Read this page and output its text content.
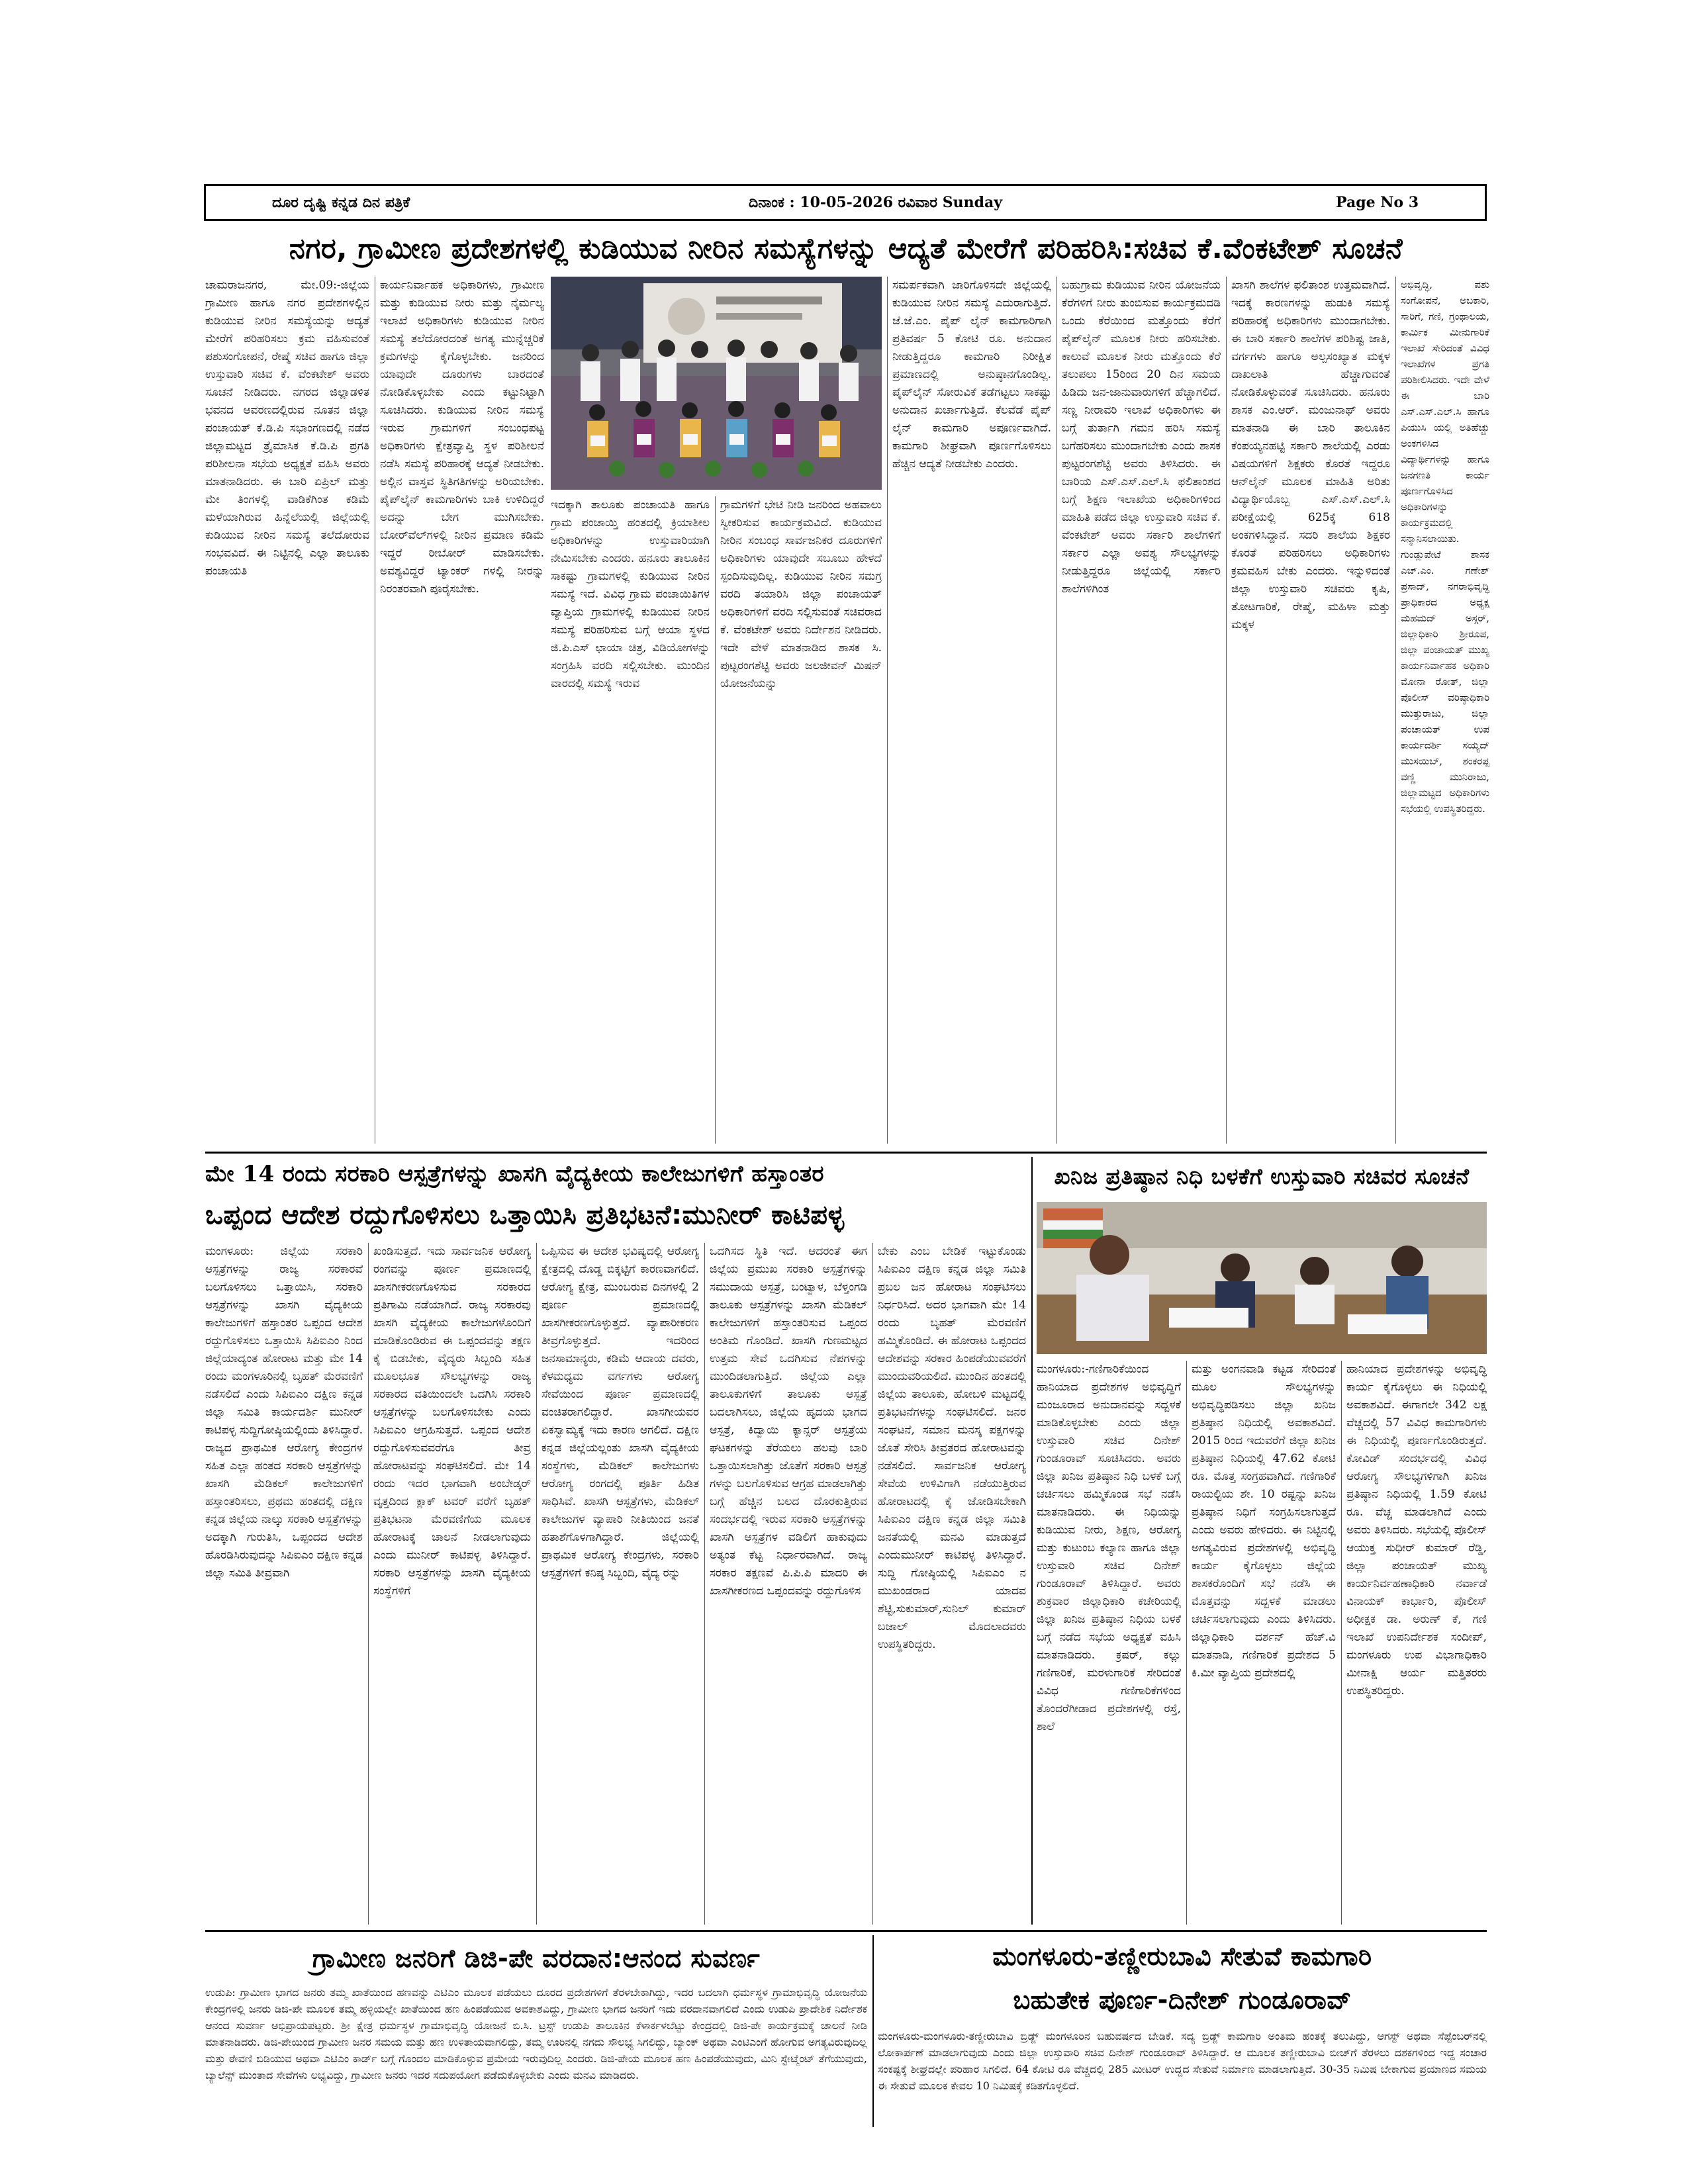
ದೂರ ದೃಷ್ಟಿ ಕನ್ನಡ ದಿನ ಪತ್ರಿಕೆ	ದಿನಾಂಕ : 10-05-2026 ರವಿವಾರ Sunday	Page No 3
ನಗರ, ಗ್ರಾಮೀಣ ಪ್ರದೇಶಗಳಲ್ಲಿ ಕುಡಿಯುವ ನೀರಿನ ಸಮಸ್ಯೆಗಳನ್ನು ಆದ್ಯತೆ ಮೇರೆಗೆ ಪರಿಹರಿಸಿ:ಸಚಿವ ಕೆ.ವೆಂಕಟೇಶ್ ಸೂಚನೆ

ಚಾಮರಾಜನಗರ, ಮೇ.09:-ಜಿಲ್ಲೆಯ ಗ್ರಾಮೀಣ ಹಾಗೂ ನಗರ ಪ್ರದೇಶಗಳಲ್ಲಿನ ಕುಡಿಯುವ ನೀರಿನ ಸಮಸ್ಯೆಯನ್ನು ಆದ್ಯತೆ ಮೇರೆಗೆ ಪರಿಹರಿಸಲು ಕ್ರಮ ವಹಿಸುವಂತೆ ಪಶುಸಂಗೋಪನೆ, ರೇಷ್ಮೆ ಸಚಿವ ಹಾಗೂ ಜಿಲ್ಲಾ ಉಸ್ತುವಾರಿ ಸಚಿವ ಕೆ. ವೆಂಕಟೇಶ್ ಅವರು ಸೂಚನೆ ನೀಡಿದರು. ನಗರದ ಜಿಲ್ಲಾಡಳಿತ ಭವನದ ಆವರಣದಲ್ಲಿರುವ ನೂತನ ಜಿಲ್ಲಾ ಪಂಚಾಯತ್ ಕೆ.ಡಿ.ಪಿ ಸಭಾಂಗಣದಲ್ಲಿ ನಡೆದ ಜಿಲ್ಲಾಮಟ್ಟದ ತ್ರೈಮಾಸಿಕ ಕೆ.ಡಿ.ಪಿ ಪ್ರಗತಿ ಪರಿಶೀಲನಾ ಸಭೆಯ ಅಧ್ಯಕ್ಷತೆ ವಹಿಸಿ ಅವರು ಮಾತನಾಡಿದರು. ಈ ಬಾರಿ ಏಪ್ರಿಲ್ ಮತ್ತು ಮೇ ತಿಂಗಳಲ್ಲಿ ವಾಡಿಕೆಗಿಂತ ಕಡಿಮೆ ಮಳೆಯಾಗಿರುವ ಹಿನ್ನೆಲೆಯಲ್ಲಿ ಜಿಲ್ಲೆಯಲ್ಲಿ ಕುಡಿಯುವ ನೀರಿನ ಸಮಸ್ಯೆ ತಲೆದೋರುವ ಸಂಭವವಿದೆ. ಈ ನಿಟ್ಟಿನಲ್ಲಿ ಎಲ್ಲಾ ತಾಲೂಕು ಪಂಚಾಯತಿ

ಕಾರ್ಯನಿರ್ವಾಹಕ ಅಧಿಕಾರಿಗಳು, ಗ್ರಾಮೀಣ ಮತ್ತು ಕುಡಿಯುವ ನೀರು ಮತ್ತು ನೈರ್ಮಲ್ಯ ಇಲಾಖೆ ಅಧಿಕಾರಿಗಳು ಕುಡಿಯುವ ನೀರಿನ ಸಮಸ್ಯೆ ತಲೆದೋರದಂತೆ ಅಗತ್ಯ ಮುನ್ನೆಚ್ಚರಿಕೆ ಕ್ರಮಗಳನ್ನು ಕೈಗೊಳ್ಳಬೇಕು. ಜನರಿಂದ ಯಾವುದೇ ದೂರುಗಳು ಬಾರದಂತೆ ನೋಡಿಕೊಳ್ಳಬೇಕು ಎಂದು ಕಟ್ಟುನಿಟ್ಟಾಗಿ ಸೂಚಿಸಿದರು. ಕುಡಿಯುವ ನೀರಿನ ಸಮಸ್ಯೆ ಇರುವ ಗ್ರಾಮಗಳಿಗೆ ಸಂಬಂಧಪಟ್ಟ ಅಧಿಕಾರಿಗಳು ಕ್ಷೇತ್ರವ್ಯಾಪ್ತಿ ಸ್ಥಳ ಪರಿಶೀಲನೆ ನಡೆಸಿ ಸಮಸ್ಯೆ ಪರಿಹಾರಕ್ಕೆ ಆದ್ಯತೆ ನೀಡಬೇಕು. ಅಲ್ಲಿನ ವಾಸ್ತವ ಸ್ಥಿತಿಗತಿಗಳನ್ನು ಅರಿಯಬೇಕು. ಪೈಪ್‌ಲೈನ್ ಕಾಮಗಾರಿಗಳು ಬಾಕಿ ಉಳಿದಿದ್ದರೆ ಅದನ್ನು ಬೇಗ ಮುಗಿಸಬೇಕು. ಬೋರ್‌ವೆಲ್‌ಗಳಲ್ಲಿ ನೀರಿನ ಪ್ರಮಾಣ ಕಡಿಮೆ ಇದ್ದರೆ ರೀಬೋರ್ ಮಾಡಿಸಬೇಕು. ಅವಶ್ಯವಿದ್ದರೆ ಟ್ಯಾಂಕರ್ ಗಳಲ್ಲಿ ನೀರನ್ನು ನಿರಂತರವಾಗಿ ಪೂರೈಸಬೇಕು.

ಇದಕ್ಕಾಗಿ ತಾಲೂಕು ಪಂಚಾಯತಿ ಹಾಗೂ ಗ್ರಾಮ ಪಂಚಾಯ್ತಿ ಹಂತದಲ್ಲಿ ಕ್ರಿಯಾಶೀಲ ಅಧಿಕಾರಿಗಳನ್ನು ಉಸ್ತುವಾರಿಯಾಗಿ ನೇಮಿಸಬೇಕು ಎಂದರು. ಹನೂರು ತಾಲೂಕಿನ ಸಾಕಷ್ಟು ಗ್ರಾಮಗಳಲ್ಲಿ ಕುಡಿಯುವ ನೀರಿನ ಸಮಸ್ಯೆ ಇದೆ. ವಿವಿಧ ಗ್ರಾಮ ಪಂಚಾಯಿತಿಗಳ ವ್ಯಾಪ್ತಿಯ ಗ್ರಾಮಗಳಲ್ಲಿ ಕುಡಿಯುವ ನೀರಿನ ಸಮಸ್ಯೆ ಪರಿಹರಿಸುವ ಬಗ್ಗೆ ಆಯಾ ಸ್ಥಳದ ಜಿ.ಪಿ.ಎಸ್ ಛಾಯಾ ಚಿತ್ರ, ವಿಡಿಯೋಗಳನ್ನು ಸಂಗ್ರಹಿಸಿ ವರದಿ ಸಲ್ಲಿಸಬೇಕು. ಮುಂದಿನ ವಾರದಲ್ಲಿ ಸಮಸ್ಯೆ ಇರುವ

ಗ್ರಾಮಗಳಿಗೆ ಭೇಟಿ ನೀಡಿ ಜನರಿಂದ ಅಹವಾಲು ಸ್ವೀಕರಿಸುವ ಕಾರ್ಯಕ್ರಮವಿದೆ. ಕುಡಿಯುವ ನೀರಿನ ಸಂಬಂಧ ಸಾರ್ವಜನಿಕರ ದೂರುಗಳಿಗೆ ಅಧಿಕಾರಿಗಳು ಯಾವುದೇ ಸಬೂಬು ಹೇಳದೆ ಸ್ಪಂದಿಸುವುದಿಲ್ಲ. ಕುಡಿಯುವ ನೀರಿನ ಸಮಗ್ರ ವರದಿ ತಯಾರಿಸಿ ಜಿಲ್ಲಾ ಪಂಚಾಯತ್ ಅಧಿಕಾರಿಗಳಿಗೆ ವರದಿ ಸಲ್ಲಿಸುವಂತೆ ಸಚಿವರಾದ ಕೆ. ವೆಂಕಟೇಶ್ ಅವರು ನಿರ್ದೇಶನ ನೀಡಿದರು. ಇದೇ ವೇಳೆ ಮಾತನಾಡಿದ ಶಾಸಕ ಸಿ. ಪುಟ್ಟರಂಗಶೆಟ್ಟಿ ಅವರು ಜಲಜೀವನ್ ಮಿಷನ್ ಯೋಜನೆಯನ್ನು

ಸಮರ್ಪಕವಾಗಿ ಜಾರಿಗೊಳಿಸದೇ ಜಿಲ್ಲೆಯಲ್ಲಿ ಕುಡಿಯುವ ನೀರಿನ ಸಮಸ್ಯೆ ಎದುರಾಗುತ್ತಿದೆ. ಜೆ.ಜೆ.ಎಂ. ಪೈಪ್ ಲೈನ್ ಕಾಮಗಾರಿಗಾಗಿ ಪ್ರತಿವರ್ಷ 5 ಕೋಟಿ ರೂ. ಅನುದಾನ ನೀಡುತ್ತಿದ್ದರೂ ಕಾಮಗಾರಿ ನಿರೀಕ್ಷಿತ ಪ್ರಮಾಣದಲ್ಲಿ ಅನುಷ್ಠಾನಗೊಂಡಿಲ್ಲ. ಪೈಪ್‌ಲೈನ್ ಸೋರುವಿಕೆ ತಡೆಗಟ್ಟಲು ಸಾಕಷ್ಟು ಅನುದಾನ ಖರ್ಚಾಗುತ್ತಿದೆ. ಕೆಲವೆಡೆ ಪೈಪ್ ಲೈನ್ ಕಾಮಗಾರಿ ಅಪೂರ್ಣವಾಗಿದೆ. ಕಾಮಗಾರಿ ಶೀಘ್ರವಾಗಿ ಪೂರ್ಣಗೊಳಿಸಲು ಹೆಚ್ಚಿನ ಆದ್ಯತೆ ನೀಡಬೇಕು ಎಂದರು.

ಬಹುಗ್ರಾಮ ಕುಡಿಯುವ ನೀರಿನ ಯೋಜನೆಯ ಕೆರೆಗಳಿಗೆ ನೀರು ತುಂಬಿಸುವ ಕಾರ್ಯಕ್ರಮದಡಿ ಒಂದು ಕೆರೆಯಿಂದ ಮತ್ತೊಂದು ಕೆರೆಗೆ ಪೈಪ್‌ಲೈನ್ ಮೂಲಕ ನೀರು ಹರಿಸಬೇಕು. ಕಾಲುವೆ ಮೂಲಕ ನೀರು ಮತ್ತೊಂದು ಕೆರೆ ತಲುಪಲು 15ರಿಂದ 20 ದಿನ ಸಮಯ ಹಿಡಿದು ಜನ-ಜಾನುವಾರುಗಳಿಗೆ ಹೆಚ್ಚಾಗಲಿದೆ. ಸಣ್ಣ ನೀರಾವರಿ ಇಲಾಖೆ ಅಧಿಕಾರಿಗಳು ಈ ಬಗ್ಗೆ ತುರ್ತಾಗಿ ಗಮನ ಹರಿಸಿ ಸಮಸ್ಯೆ ಬಗೆಹರಿಸಲು ಮುಂದಾಗಬೇಕು ಎಂದು ಶಾಸಕ ಪುಟ್ಟರಂಗಶೆಟ್ಟಿ ಅವರು ತಿಳಿಸಿದರು. ಈ ಬಾರಿಯ ಎಸ್.ಎಸ್.ಎಲ್.ಸಿ ಫಲಿತಾಂಶದ ಬಗ್ಗೆ ಶಿಕ್ಷಣ ಇಲಾಖೆಯ ಅಧಿಕಾರಿಗಳಿಂದ ಮಾಹಿತಿ ಪಡೆದ ಜಿಲ್ಲಾ ಉಸ್ತುವಾರಿ ಸಚಿವ ಕೆ. ವೆಂಕಟೇಶ್ ಅವರು ಸರ್ಕಾರಿ ಶಾಲೆಗಳಿಗೆ ಸರ್ಕಾರ ಎಲ್ಲಾ ಅವಶ್ಯ ಸೌಲಭ್ಯಗಳನ್ನು ನೀಡುತ್ತಿದ್ದರೂ ಜಿಲ್ಲೆಯಲ್ಲಿ ಸರ್ಕಾರಿ ಶಾಲೆಗಳಿಗಿಂತ

ಖಾಸಗಿ ಶಾಲೆಗಳ ಫಲಿತಾಂಶ ಉತ್ತಮವಾಗಿದೆ. ಇದಕ್ಕೆ ಕಾರಣಗಳನ್ನು ಹುಡುಕಿ ಸಮಸ್ಯೆ ಪರಿಹಾರಕ್ಕೆ ಅಧಿಕಾರಿಗಳು ಮುಂದಾಗಬೇಕು. ಈ ಬಾರಿ ಸರ್ಕಾರಿ ಶಾಲೆಗಳ ಪರಿಶಿಷ್ಟ ಜಾತಿ, ವರ್ಗಗಳು ಹಾಗೂ ಅಲ್ಪಸಂಖ್ಯಾತ ಮಕ್ಕಳ ದಾಖಲಾತಿ ಹೆಚ್ಚಾಗುವಂತೆ ನೋಡಿಕೊಳ್ಳುವಂತೆ ಸೂಚಿಸಿದರು. ಹನೂರು ಶಾಸಕ ಎಂ.ಆರ್. ಮಂಜುನಾಥ್ ಅವರು ಮಾತನಾಡಿ ಈ ಬಾರಿ ತಾಲೂಕಿನ ಕೆಂಪಯ್ಯನಹಟ್ಟಿ ಸರ್ಕಾರಿ ಶಾಲೆಯಲ್ಲಿ ಎರಡು ವಿಷಯಗಳಿಗೆ ಶಿಕ್ಷಕರು ಕೊರತೆ ಇದ್ದರೂ ಆನ್‌ಲೈನ್ ಮೂಲಕ ಮಾಹಿತಿ ಅರಿತು ವಿದ್ಯಾರ್ಥಿಯೊಬ್ಬ ಎಸ್.ಎಸ್.ಎಲ್.ಸಿ ಪರೀಕ್ಷೆಯಲ್ಲಿ 625ಕ್ಕೆ 618 ಅಂಕಗಳಿಸಿದ್ದಾನೆ. ಸದರಿ ಶಾಲೆಯ ಶಿಕ್ಷಕರ ಕೊರತೆ ಪರಿಹರಿಸಲು ಅಧಿಕಾರಿಗಳು ಕ್ರಮವಹಿಸ ಬೇಕು ಎಂದರು. ಇನ್ನುಳಿದಂತೆ ಜಿಲ್ಲಾ ಉಸ್ತುವಾರಿ ಸಚಿವರು ಕೃಷಿ, ತೋಟಗಾರಿಕೆ, ರೇಷ್ಮೆ, ಮಹಿಳಾ ಮತ್ತು ಮಕ್ಕಳ

ಅಭಿವೃದ್ಧಿ, ಪಶು ಸಂಗೋಪನೆ, ಅಬಕಾರಿ, ಸಾರಿಗೆ, ಗಣಿ, ಗ್ರಂಥಾಲಯ, ಕಾರ್ಮಿಕ ಮೀನುಗಾರಿಕೆ ಇಲಾಖೆ ಸೇರಿದಂತೆ ವಿವಿಧ ಇಲಾಖೆಗಳ ಪ್ರಗತಿ ಪರಿಶೀಲಿಸಿದರು. ಇದೇ ವೇಳೆ ಈ ಬಾರಿ ಎಸ್.ಎಸ್.ಎಲ್.ಸಿ ಹಾಗೂ ಪಿಯುಸಿ ಯಲ್ಲಿ ಅತಿಹೆಚ್ಚು ಅಂಕಗಳಿಸಿದ ವಿದ್ಯಾರ್ಥಿಗಳನ್ನು ಹಾಗೂ ಜನಗಣತಿ ಕಾರ್ಯ ಪೂರ್ಣಗೊಳಿಸಿದ ಅಧಿಕಾರಿಗಳನ್ನು ಕಾರ್ಯಕ್ರಮದಲ್ಲಿ ಸನ್ಮಾನಿಸಲಾಯಿತು. ಗುಂಡ್ಲುಪೇಟೆ ಶಾಸಕ ಎಚ್.ಎಂ. ಗಣೇಶ್ ಪ್ರಸಾದ್, ನಗರಾಭಿವೃದ್ಧಿ ಪ್ರಾಧಿಕಾರದ ಅಧ್ಯಕ್ಷ ಮಹಮದ್ ಅಸ್ಗರ್, ಜಿಲ್ಲಾಧಿಕಾರಿ ಶ್ರೀರೂಪ, ಜಿಲ್ಲಾ ಪಂಚಾಯತ್ ಮುಖ್ಯ ಕಾರ್ಯನಿರ್ವಾಹಕ ಅಧಿಕಾರಿ ಮೋನಾ ರೋತ್, ಜಿಲ್ಲಾ ಪೊಲೀಸ್ ವರಿಷ್ಠಾಧಿಕಾರಿ ಮುತ್ತುರಾಜು, ಜಿಲ್ಲಾ ಪಂಚಾಯತ್ ಉಪ ಕಾರ್ಯದರ್ಶಿ ಸಯ್ಯದ್ ಮುಸಯಿಬ್, ಶಂಕರಪ್ಪ ವಣ್ಣಿ ಮುನಿರಾಜು, ಜಿಲ್ಲಾಮಟ್ಟದ ಅಧಿಕಾರಿಗಳು ಸಭೆಯಲ್ಲಿ ಉಪಸ್ಥಿತರಿದ್ದರು.

ಮೇ 14 ರಂದು ಸರಕಾರಿ ಆಸ್ಪತ್ರೆಗಳನ್ನು ಖಾಸಗಿ ವೈದ್ಯಕೀಯ ಕಾಲೇಜುಗಳಿಗೆ ಹಸ್ತಾಂತರ
ಒಪ್ಪಂದ ಆದೇಶ ರದ್ದುಗೊಳಿಸಲು ಒತ್ತಾಯಿಸಿ ಪ್ರತಿಭಟನೆ:ಮುನೀರ್ ಕಾಟಿಪಳ್ಳ

ಮಂಗಳೂರು: ಜಿಲ್ಲೆಯ ಸರಕಾರಿ ಆಸ್ಪತ್ರೆಗಳನ್ನು ರಾಜ್ಯ ಸರಕಾರವೆ ಬಲಗೊಳಿಸಲು ಒತ್ತಾಯಿಸಿ, ಸರಕಾರಿ ಆಸ್ಪತ್ರೆಗಳನ್ನು ಖಾಸಗಿ ವೈದ್ಯಕೀಯ ಕಾಲೇಜುಗಳಿಗೆ ಹಸ್ತಾಂತರ ಒಪ್ಪಂದ ಆದೇಶ ರದ್ದುಗೊಳಿಸಲು ಒತ್ತಾಯಿಸಿ ಸಿಪಿಐಎಂ ನಿಂದ ಜಿಲ್ಲೆಯಾದ್ಯಂತ ಹೋರಾಟ ಮತ್ತು ಮೇ 14 ರಂದು ಮಂಗಳೂರಿನಲ್ಲಿ ಬೃಹತ್ ಮೆರವಣಿಗೆ ನಡೆಸಲಿದೆ ಎಂದು ಸಿಪಿಐಎಂ ದಕ್ಷಿಣ ಕನ್ನಡ ಜಿಲ್ಲಾ ಸಮಿತಿ ಕಾರ್ಯದರ್ಶಿ ಮುನೀರ್ ಕಾಟಿಪಳ್ಳ ಸುದ್ದಿಗೋಷ್ಠಿಯಲ್ಲಿಂದು ತಿಳಿಸಿದ್ದಾರೆ. ರಾಜ್ಯದ ಪ್ರಾಥಮಿಕ ಆರೋಗ್ಯ ಕೇಂದ್ರಗಳ ಸಹಿತ ಎಲ್ಲಾ ಹಂತದ ಸರಕಾರಿ ಆಸ್ಪತ್ರೆಗಳನ್ನು ಖಾಸಗಿ ಮೆಡಿಕಲ್ ಕಾಲೇಜುಗಳಿಗೆ ಹಸ್ತಾಂತರಿಸಲು, ಪ್ರಥಮ ಹಂತದಲ್ಲಿ ದಕ್ಷಿಣ ಕನ್ನಡ ಜಿಲ್ಲೆಯ ನಾಲ್ಕು ಸರಕಾರಿ ಆಸ್ಪತ್ರೆಗಳನ್ನು ಅದಕ್ಕಾಗಿ ಗುರುತಿಸಿ, ಒಪ್ಪಂದದ ಆದೇಶ ಹೊರಡಿಸಿರುವುದನ್ನು ಸಿಪಿಐಎಂ ದಕ್ಷಿಣ ಕನ್ನಡ ಜಿಲ್ಲಾ ಸಮಿತಿ ತೀವ್ರವಾಗಿ

ಖಂಡಿಸುತ್ತದೆ. ಇದು ಸಾರ್ವಜನಿಕ ಆರೋಗ್ಯ ರಂಗವನ್ನು ಪೂರ್ಣ ಪ್ರಮಾಣದಲ್ಲಿ ಖಾಸಗೀಕರಣಗೊಳಿಸುವ ಸರಕಾರದ ಪ್ರತಿಗಾಮಿ ನಡೆಯಾಗಿದೆ. ರಾಜ್ಯ ಸರಕಾರವು ಖಾಸಗಿ ವೈದ್ಯಕೀಯ ಕಾಲೇಜುಗಳೊಂದಿಗೆ ಮಾಡಿಕೊಂಡಿರುವ ಈ ಒಪ್ಪಂದವನ್ನು ತಕ್ಷಣ ಕೈ ಬಿಡಬೇಕು, ವೈದ್ಯರು ಸಿಬ್ಬಂದಿ ಸಹಿತ ಮೂಲಭೂತ ಸೌಲಭ್ಯಗಳನ್ನು ರಾಜ್ಯ ಸರಕಾರದ ವತಿಯಿಂದಲೇ ಒದಗಿಸಿ ಸರಕಾರಿ ಆಸ್ಪತ್ರೆಗಳನ್ನು ಬಲಗೊಳಿಸಬೇಕು ಎಂದು ಸಿಪಿಐಎಂ ಆಗ್ರಹಿಸುತ್ತದೆ. ಒಪ್ಪಂದ ಆದೇಶ ರದ್ದುಗೊಳಿಸುವವರೆಗೂ ತೀವ್ರ ಹೋರಾಟವನ್ನು ಸಂಘಟಿಸಲಿದೆ. ಮೇ 14 ರಂದು ಇದರ ಭಾಗವಾಗಿ ಅಂಬೇಡ್ಕರ್ ವೃತ್ತದಿಂದ ಕ್ಲಾಕ್ ಟವರ್ ವರೆಗೆ ಬೃಹತ್ ಪ್ರತಿಭಟನಾ ಮೆರವಣಿಗೆಯ ಮೂಲಕ ಹೋರಾಟಕ್ಕೆ ಚಾಲನೆ ನೀಡಲಾಗುವುದು ಎಂದು ಮುನೀರ್ ಕಾಟಿಪಳ್ಳ ತಿಳಿಸಿದ್ದಾರೆ. ಸರಕಾರಿ ಆಸ್ಪತ್ರೆಗಳನ್ನು ಖಾಸಗಿ ವೈದ್ಯಕೀಯ ಸಂಸ್ಥೆಗಳಿಗೆ

ಒಪ್ಪಿಸುವ ಈ ಆದೇಶ ಭವಿಷ್ಯದಲ್ಲಿ ಆರೋಗ್ಯ ಕ್ಷೇತ್ರದಲ್ಲಿ ದೊಡ್ಡ ಬಿಕ್ಕಟ್ಟಿಗೆ ಕಾರಣವಾಗಲಿದೆ. ಆರೋಗ್ಯ ಕ್ಷೇತ್ರ, ಮುಂಬರುವ ದಿನಗಳಲ್ಲಿ 2 ಪೂರ್ಣ ಪ್ರಮಾಣದಲ್ಲಿ ಖಾಸಗೀಕರಣಗೊಳ್ಳುತ್ತದೆ. ವ್ಯಾಪಾರೀಕರಣ ತೀವ್ರಗೊಳ್ಳುತ್ತದೆ. ಇದರಿಂದ ಜನಸಾಮಾನ್ಯರು, ಕಡಿಮೆ ಆದಾಯ ದವರು, ಕೆಳಮಧ್ಯಮ ವರ್ಗಗಳು ಆರೋಗ್ಯ ಸೇವೆಯಿಂದ ಪೂರ್ಣ ಪ್ರಮಾಣದಲ್ಲಿ ವಂಚಿತರಾಗಲಿದ್ದಾರೆ. ಖಾಸಗೀಯವರ ಏಕಸ್ವಾಮ್ಯಕ್ಕೆ ಇದು ಕಾರಣ ಆಗಲಿದೆ. ದಕ್ಷಿಣ ಕನ್ನಡ ಜಿಲ್ಲೆಯಲ್ಲಂತು ಖಾಸಗಿ ವೈದ್ಯಕೀಯ ಸಂಸ್ಥೆಗಳು, ಮೆಡಿಕಲ್ ಕಾಲೇಜುಗಳು ಆರೋಗ್ಯ ರಂಗದಲ್ಲಿ ಪೂರ್ತಿ ಹಿಡಿತ ಸಾಧಿಸಿವೆ. ಖಾಸಗಿ ಆಸ್ಪತ್ರೆಗಳು, ಮೆಡಿಕಲ್ ಕಾಲೇಜುಗಳ ವ್ಯಾಪಾರಿ ನೀತಿಯಿಂದ ಜನತೆ ಹತಾಶೆಗೊಳಗಾಗಿದ್ದಾರೆ. ಜಿಲ್ಲೆಯಲ್ಲಿ ಪ್ರಾಥಮಿಕ ಆರೋಗ್ಯ ಕೇಂದ್ರಗಳು, ಸರಕಾರಿ ಆಸ್ಪತ್ರೆಗಳಿಗೆ ಕನಿಷ್ಠ ಸಿಬ್ಬಂದಿ, ವೈದ್ಯ ರನ್ನು

ಒದಗಿಸದ ಸ್ಥಿತಿ ಇದೆ. ಆದರಂತೆ ಈಗ ಜಿಲ್ಲೆಯ ಪ್ರಮುಖ ಸರಕಾರಿ ಆಸ್ಪತ್ರೆಗಳನ್ನು ಸಮುದಾಯ ಆಸ್ಪತ್ರೆ, ಬಂಟ್ವಾಳ, ಬೆಳ್ತಂಗಡಿ ತಾಲೂಕು ಆಸ್ಪತ್ರೆಗಳನ್ನು ಖಾಸಗಿ ಮೆಡಿಕಲ್ ಕಾಲೇಜುಗಳಿಗೆ ಹಸ್ತಾಂತರಿಸುವ ಒಪ್ಪಂದ ಅಂತಿಮ ಗೊಂಡಿದೆ. ಖಾಸಗಿ ಗುಣಮಟ್ಟದ ಉತ್ತಮ ಸೇವೆ ಒದಗಿಸುವ ನೆಪಗಳನ್ನು ಮುಂದಿಡಲಾಗುತ್ತಿದೆ. ಜಿಲ್ಲೆಯ ಎಲ್ಲಾ ತಾಲೂಕುಗಳಿಗೆ ತಾಲೂಕು ಆಸ್ಪತ್ರೆ ಬದಲಾಗಿಸಲು, ಜಿಲ್ಲೆಯ ಹೃದಯ ಭಾಗದ ಆಸ್ಪತ್ರೆ, ಕಿದ್ವಾಯಿ ಕ್ಯಾನ್ಸರ್ ಆಸ್ಪತ್ರೆಯ ಘಟಕಗಳನ್ನು ತೆರೆಯಲು ಹಲವು ಬಾರಿ ಒತ್ತಾಯಿಸಲಾಗಿತ್ತು ಜೊತೆಗೆ ಸರಕಾರಿ ಆಸ್ಪತ್ರೆ ಗಳನ್ನು ಬಲಗೊಳಿಸುವ ಆಗ್ರಹ ಮಾಡಲಾಗಿತ್ತು ಬಗ್ಗೆ ಹೆಚ್ಚಿನ ಬಲದ ದೊರಕುತ್ತಿರುವ ಸಂದರ್ಭದಲ್ಲಿ ಇರುವ ಸರಕಾರಿ ಆಸ್ಪತ್ರೆಗಳನ್ನು ಖಾಸಗಿ ಆಸ್ಪತ್ರೆಗಳ ವಡಿಲಿಗೆ ಹಾಕುವುದು ಅತ್ಯಂತ ಕೆಟ್ಟ ನಿರ್ಧಾರವಾಗಿದೆ. ರಾಜ್ಯ ಸರಕಾರ ತಕ್ಷಣವೆ ಪಿ.ಪಿ.ಪಿ ಮಾದರಿ ಈ ಖಾಸಗೀಕರಣದ ಒಪ್ಪಂದವನ್ನು ರದ್ದುಗೊಳಿಸ

ಬೇಕು ಎಂಬ ಬೇಡಿಕೆ ಇಟ್ಟುಕೊಂಡು ಸಿಪಿಐಎಂ ದಕ್ಷಿಣ ಕನ್ನಡ ಜಿಲ್ಲಾ ಸಮಿತಿ ಪ್ರಬಲ ಜನ ಹೋರಾಟ ಸಂಘಟಿಸಲು ನಿರ್ಧರಿಸಿದೆ. ಅದರ ಭಾಗವಾಗಿ ಮೇ 14 ರಂದು ಬೃಹತ್ ಮೆರವಣಿಗೆ ಹಮ್ಮಿಕೊಂಡಿದೆ. ಈ ಹೋರಾಟ ಒಪ್ಪಂದದ ಆದೇಶವನ್ನು ಸರಕಾರ ಹಿಂಪಡೆಯುವವರೆಗೆ ಮುಂದುವರಿಯಲಿದೆ. ಮುಂದಿನ ಹಂತದಲ್ಲಿ ಜಿಲ್ಲೆಯ ತಾಲೂಕು, ಹೋಬಳಿ ಮಟ್ಟದಲ್ಲಿ ಪ್ರತಿಭಟನೆಗಳನ್ನು ಸಂಘಟಿಸಲಿದೆ. ಜನರ ಸಂಘಟನೆ, ಸಮಾನ ಮನಸ್ಕ ಪಕ್ಷಗಳನ್ನು ಜೊತೆ ಸೇರಿಸಿ ತೀವ್ರತರದ ಹೋರಾಟವನ್ನು ನಡೆಸಲಿದೆ. ಸಾರ್ವಜನಿಕ ಆರೋಗ್ಯ ಸೇವೆಯ ಉಳಿವಿಗಾಗಿ ನಡೆಯುತ್ತಿರುವ ಹೋರಾಟದಲ್ಲಿ ಕೈ ಜೋಡಿಸಬೇಕಾಗಿ ಸಿಪಿಐಎಂ ದಕ್ಷಿಣ ಕನ್ನಡ ಜಿಲ್ಲಾ ಸಮಿತಿ ಜನತೆಯಲ್ಲಿ ಮನವಿ ಮಾಡುತ್ತದೆ ಎಂದುಮುನೀರ್ ಕಾಟಿಪಳ್ಳ ತಿಳಿಸಿದ್ದಾರೆ. ಸುದ್ದಿ ಗೋಷ್ಠಿಯಲ್ಲಿ ಸಿಪಿಐಎಂ ನ ಮುಖಂಡರಾದ ಯಾದವ ಶೆಟ್ಟಿ,ಸುಕುಮಾರ್,ಸುನಿಲ್ ಕುಮಾರ್ ಬಜಾಲ್ ಮೊದಲಾದವರು ಉಪಸ್ಥಿತರಿದ್ದರು.

ಖನಿಜ ಪ್ರತಿಷ್ಠಾನ ನಿಧಿ ಬಳಕೆಗೆ ಉಸ್ತುವಾರಿ ಸಚಿವರ ಸೂಚನೆ

ಮಂಗಳೂರು:-ಗಣಿಗಾರಿಕೆಯಿಂದ ಹಾನಿಯಾದ ಪ್ರದೇಶಗಳ ಅಭಿವೃದ್ಧಿಗೆ ಮಂಜೂರಾದ ಅನುದಾನವನ್ನು ಸದ್ಬಳಕೆ ಮಾಡಿಕೊಳ್ಳಬೇಕು ಎಂದು ಜಿಲ್ಲಾ ಉಸ್ತುವಾರಿ ಸಚಿವ ದಿನೇಶ್ ಗುಂಡೂರಾವ್ ಸೂಚಿಸಿದರು. ಅವರು ಜಿಲ್ಲಾ ಖನಿಜ ಪ್ರತಿಷ್ಠಾನ ನಿಧಿ ಬಳಕೆ ಬಗ್ಗೆ ಚರ್ಚಿಸಲು ಹಮ್ಮಿಕೊಂಡ ಸಭೆ ನಡೆಸಿ ಮಾತನಾಡಿದರು. ಈ ನಿಧಿಯನ್ನು ಕುಡಿಯುವ ನೀರು, ಶಿಕ್ಷಣ, ಆರೋಗ್ಯ ಮತ್ತು ಕುಟುಂಬ ಕಲ್ಯಾಣ ಹಾಗೂ ಜಿಲ್ಲಾ ಉಸ್ತುವಾರಿ ಸಚಿವ ದಿನೇಶ್ ಗುಂಡೂರಾವ್ ತಿಳಿಸಿದ್ದಾರೆ. ಅವರು ಶುಕ್ರವಾರ ಜಿಲ್ಲಾಧಿಕಾರಿ ಕಚೇರಿಯಲ್ಲಿ ಜಿಲ್ಲಾ ಖನಿಜ ಪ್ರತಿಷ್ಠಾನ ನಿಧಿಯ ಬಳಕೆ ಬಗ್ಗೆ ನಡೆದ ಸಭೆಯ ಅಧ್ಯಕ್ಷತೆ ವಹಿಸಿ ಮಾತನಾಡಿದರು. ಕ್ರಷರ್, ಕಲ್ಲು ಗಣಿಗಾರಿಕೆ, ಮರಳುಗಾರಿಕೆ ಸೇರಿದಂತೆ ವಿವಿಧ ಗಣಿಗಾರಿಕೆಗಳಿಂದ ತೊಂದರೆಗೀಡಾದ ಪ್ರದೇಶಗಳಲ್ಲಿ ರಸ್ತೆ, ಶಾಲೆ

ಮತ್ತು ಅಂಗನವಾಡಿ ಕಟ್ಟಡ ಸೇರಿದಂತೆ ಮೂಲ ಸೌಲಭ್ಯಗಳನ್ನು ಅಭಿವೃದ್ಧಿಪಡಿಸಲು ಜಿಲ್ಲಾ ಖನಿಜ ಪ್ರತಿಷ್ಠಾನ ನಿಧಿಯಲ್ಲಿ ಅವಕಾಶವಿದೆ. 2015 ರಿಂದ ಇದುವರೆಗೆ ಜಿಲ್ಲಾ ಖನಿಜ ಪ್ರತಿಷ್ಠಾನ ನಿಧಿಯಲ್ಲಿ 47.62 ಕೋಟಿ ರೂ. ಮೊತ್ತ ಸಂಗ್ರಹವಾಗಿದೆ. ಗಣಿಗಾರಿಕೆ ರಾಯಲ್ಟಿಯ ಶೇ. 10 ರಷ್ಟನ್ನು ಖನಿಜ ಪ್ರತಿಷ್ಠಾನ ನಿಧಿಗೆ ಸಂಗ್ರಹಿಸಲಾಗುತ್ತದೆ ಎಂದು ಅವರು ಹೇಳಿದರು. ಈ ನಿಟ್ಟಿನಲ್ಲಿ ಅಗತ್ಯವಿರುವ ಪ್ರದೇಶಗಳಲ್ಲಿ ಅಭಿವೃದ್ಧಿ ಕಾರ್ಯ ಕೈಗೊಳ್ಳಲು ಜಿಲ್ಲೆಯ ಶಾಸಕರೊಂದಿಗೆ ಸಭೆ ನಡೆಸಿ ಈ ಮೊತ್ತವನ್ನು ಸದ್ಬಳಕೆ ಮಾಡಲು ಚರ್ಚಿಸಲಾಗುವುದು ಎಂದು ತಿಳಿಸಿದರು. ಜಿಲ್ಲಾಧಿಕಾರಿ ದರ್ಶನ್ ಹೆಚ್.ವಿ ಮಾತನಾಡಿ, ಗಣಿಗಾರಿಕೆ ಪ್ರದೇಶದ 5 ಕಿ.ಮೀ ವ್ಯಾಪ್ತಿಯ ಪ್ರದೇಶದಲ್ಲಿ

ಹಾನಿಯಾದ ಪ್ರದೇಶಗಳನ್ನು ಅಭಿವೃದ್ಧಿ ಕಾರ್ಯ ಕೈಗೊಳ್ಳಲು ಈ ನಿಧಿಯಲ್ಲಿ ಅವಕಾಶವಿದೆ. ಈಗಾಗಲೇ 342 ಲಕ್ಷ ವೆಚ್ಚದಲ್ಲಿ 57 ವಿವಿಧ ಕಾಮಗಾರಿಗಳು ಈ ನಿಧಿಯಲ್ಲಿ ಪೂರ್ಣಗೊಂಡಿರುತ್ತದೆ. ಕೋವಿಡ್ ಸಂದರ್ಭದಲ್ಲಿ ವಿವಿಧ ಆರೋಗ್ಯ ಸೌಲಭ್ಯಗಳಿಗಾಗಿ ಖನಿಜ ಪ್ರತಿಷ್ಠಾನ ನಿಧಿಯಲ್ಲಿ 1.59 ಕೋಟಿ ರೂ. ವೆಚ್ಚ ಮಾಡಲಾಗಿದೆ ಎಂದು ಅವರು ತಿಳಿಸಿದರು. ಸಭೆಯಲ್ಲಿ ಪೊಲೀಸ್ ಆಯುಕ್ತ ಸುಧೀರ್ ಕುಮಾರ್ ರೆಡ್ಡಿ, ಜಿಲ್ಲಾ ಪಂಚಾಯತ್ ಮುಖ್ಯ ಕಾರ್ಯನಿರ್ವಹಣಾಧಿಕಾರಿ ನರ್ವಾಡೆ ವಿನಾಯಕ್ ಕಾರ್ಭಾರಿ, ಪೊಲೀಸ್ ಅಧೀಕ್ಷಕ ಡಾ. ಅರುಣ್ ಕೆ, ಗಣಿ ಇಲಾಖೆ ಉಪನಿರ್ದೇಶಕ ಸಂದೀಪ್, ಮಂಗಳೂರು ಉಪ ವಿಭಾಗಾಧಿಕಾರಿ ಮೀನಾಕ್ಷಿ ಆರ್ಯ ಮತ್ತಿತರರು ಉಪಸ್ಥಿತರಿದ್ದರು.

ಗ್ರಾಮೀಣ ಜನರಿಗೆ ಡಿಜಿ-ಪೇ ವರದಾನ:ಆನಂದ ಸುವರ್ಣ

ಉಡುಪಿ: ಗ್ರಾಮೀಣ ಭಾಗದ ಜನರು ತಮ್ಮ ಖಾತೆಯಿಂದ ಹಣವನ್ನು ಎಟಿಎಂ ಮೂಲಕ ಪಡೆಯಲು ದೂರದ ಪ್ರದೇಶಗಳಿಗೆ ತೆರಳಬೇಕಾಗಿದ್ದು, ಇದರ ಬದಲಾಗಿ ಧರ್ಮಸ್ಥಳ ಗ್ರಾಮಾಭಿವೃದ್ಧಿ ಯೋಜನೆಯ ಕೇಂದ್ರಗಳಲ್ಲಿ ಜನರು ಡಿಜಿ-ಪೇ ಮೂಲಕ ತಮ್ಮ ಹಳ್ಳಿಯಲ್ಲೇ ಖಾತೆಯಿಂದ ಹಣ ಹಿಂಪಡೆಯುವ ಅವಕಾಶವಿದ್ದು, ಗ್ರಾಮೀಣ ಭಾಗದ ಜನರಿಗೆ ಇದು ವರದಾನವಾಗಲಿದೆ ಎಂದು ಉಡುಪಿ ಪ್ರಾದೇಶಿಕ ನಿರ್ದೇಶಕ ಆನಂದ ಸುವರ್ಣ ಅಭಿಪ್ರಾಯಪಟ್ಟರು. ಶ್ರೀ ಕ್ಷೇತ್ರ ಧರ್ಮಸ್ಥಳ ಗ್ರಾಮಾಭಿವೃದ್ಧಿ ಯೋಜನೆ ಬಿ.ಸಿ. ಟ್ರಸ್ಟ್ ಉಡುಪಿ ತಾಲೂಕಿನ ಕೆಳಾರ್ಕಳಬೆಟ್ಟು ಕೇಂದ್ರದಲ್ಲಿ ಡಿಜಿ-ಪೇ ಕಾರ್ಯಕ್ರಮಕ್ಕೆ ಚಾಲನೆ ನೀಡಿ ಮಾತನಾಡಿದರು. ಡಿಜಿ-ಪೇಯಿಂದ ಗ್ರಾಮೀಣ ಜನರ ಸಮಯ ಮತ್ತು ಹಣ ಉಳಿತಾಯವಾಗಲಿದ್ದು, ತಮ್ಮ ಊರಿನಲ್ಲಿ ನಗದು ಸೌಲಭ್ಯ ಸಿಗಲಿದ್ದು, ಬ್ಯಾಂಕ್ ಅಥವಾ ಎಂಟಿಎಂಗೆ ಹೋಗುವ ಅಗತ್ಯವಿರುವುದಿಲ್ಲ ಮತ್ತು ಠೇವಣಿ ಬಿಡಿಯುವ ಅಥವಾ ಎಟಿಎಂ ಕಾರ್ಡ್ ಬಗ್ಗೆ ಗೊಂದಲ ಮಾಡಿಕೊಳ್ಳುವ ಪ್ರಮೇಯ ಇರುವುದಿಲ್ಲ ಎಂದರು. ಡಿಜಿ-ಪೇಯ ಮೂಲಕ ಹಣ ಹಿಂಪಡೆಯುವುದು, ಮಿನಿ ಸ್ಟೇಟ್ಮೆಂಟ್ ತೆಗೆಯುವುದು, ಬ್ಯಾಲೆನ್ಸ್ ಮುಂತಾದ ಸೇವೆಗಳು ಲಭ್ಯವಿದ್ದು, ಗ್ರಾಮೀಣ ಜನರು ಇದರ ಸದುಪಯೋಗ ಪಡೆದುಕೊಳ್ಳಬೇಕು ಎಂದು ಮನವಿ ಮಾಡಿದರು.

ಮಂಗಳೂರು-ತಣ್ಣೀರುಬಾವಿ ಸೇತುವೆ ಕಾಮಗಾರಿ
ಬಹುತೇಕ ಪೂರ್ಣ-ದಿನೇಶ್ ಗುಂಡೂರಾವ್

ಮಂಗಳೂರು-ಮಂಗಳೂರು-ತಣ್ಣೀರುಬಾವಿ ಬ್ರಿಡ್ಜ್ ಮಂಗಳೂರಿನ ಬಹುವರ್ಷದ ಬೇಡಿಕೆ. ಸದ್ಯ ಬ್ರಿಡ್ಜ್ ಕಾಮಗಾರಿ ಅಂತಿಮ ಹಂತಕ್ಕೆ ತಲುಪಿದ್ದು, ಆಗಸ್ಟ್ ಅಥವಾ ಸೆಪ್ಟೆಂಬರ್‌ನಲ್ಲಿ ಲೋಕಾರ್ಪಣೆ ಮಾಡಲಾಗುವುದು ಎಂದು ಜಿಲ್ಲಾ ಉಸ್ತುವಾರಿ ಸಚಿವ ದಿನೇಶ್ ಗುಂಡೂರಾವ್ ತಿಳಿಸಿದ್ದಾರೆ. ಆ ಮೂಲಕ ತಣ್ಣೀರುಬಾವಿ ಬೀಚ್‌ಗೆ ತೆರಳಲು ದಶಕಗಳಿಂದ ಇದ್ದ ಸಂಚಾರ ಸಂಕಷ್ಟಕ್ಕೆ ಶೀಘ್ರದಲ್ಲೇ ಪರಿಹಾರ ಸಿಗಲಿದೆ. 64 ಕೋಟಿ ರೂ ವೆಚ್ಚದಲ್ಲಿ 285 ಮೀಟರ್ ಉದ್ದದ ಸೇತುವೆ ನಿರ್ಮಾಣ ಮಾಡಲಾಗುತ್ತಿದೆ. 30-35 ನಿಮಿಷ ಬೇಕಾಗುವ ಪ್ರಯಾಣದ ಸಮಯ ಈ ಸೇತುವೆ ಮೂಲಕ ಕೇವಲ 10 ನಿಮಿಷಕ್ಕೆ ಕಡಿತಗೊಳ್ಳಲಿದೆ.
